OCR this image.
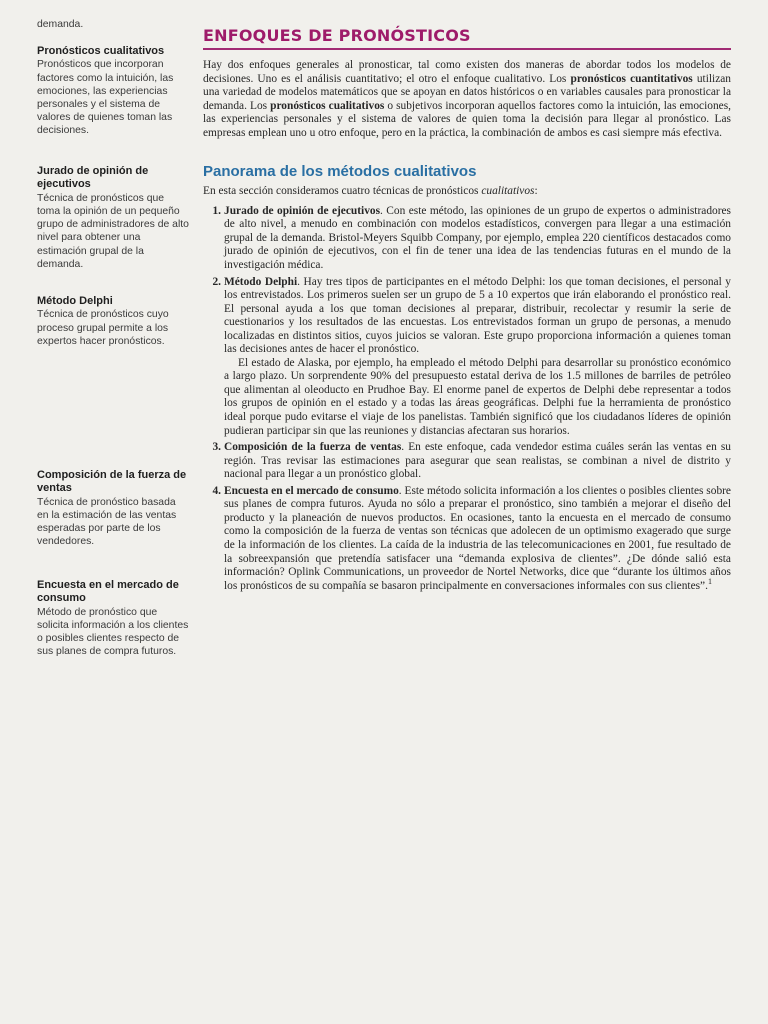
demanda.
Pronósticos cualitativos
Pronósticos que incorporan factores como la intuición, las emociones, las experiencias personales y el sistema de valores de quienes toman las decisiones.
Jurado de opinión de ejecutivos
Técnica de pronósticos que toma la opinión de un pequeño grupo de administradores de alto nivel para obtener una estimación grupal de la demanda.
Método Delphi
Técnica de pronósticos cuyo proceso grupal permite a los expertos hacer pronósticos.
Composición de la fuerza de ventas
Técnica de pronóstico basada en la estimación de las ventas esperadas por parte de los vendedores.
Encuesta en el mercado de consumo
Método de pronóstico que solicita información a los clientes o posibles clientes respecto de sus planes de compra futuros.
ENFOQUES DE PRONÓSTICOS

Hay dos enfoques generales al pronosticar, tal como existen dos maneras de abordar todos los modelos de decisiones. Uno es el análisis cuantitativo; el otro el enfoque cualitativo. Los pronósticos cuantitativos utilizan una variedad de modelos matemáticos que se apoyan en datos históricos o en variables causales para pronosticar la demanda. Los pronósticos cualitativos o subjetivos incorporan aquellos factores como la intuición, las emociones, las experiencias personales y el sistema de valores de quien toma la decisión para llegar al pronóstico. Las empresas emplean uno u otro enfoque, pero en la práctica, la combinación de ambos es casi siempre más efectiva.

Panorama de los métodos cualitativos

En esta sección consideramos cuatro técnicas de pronósticos cualitativos:

1. Jurado de opinión de ejecutivos. Con este método, las opiniones de un grupo de expertos o administradores de alto nivel, a menudo en combinación con modelos estadísticos, convergen para llegar a una estimación grupal de la demanda. Bristol-Meyers Squibb Company, por ejemplo, emplea 220 científicos destacados como jurado de opinión de ejecutivos, con el fin de tener una idea de las tendencias futuras en el mundo de la investigación médica.
2. Método Delphi. Hay tres tipos de participantes en el método Delphi: los que toman decisiones, el personal y los entrevistados. Los primeros suelen ser un grupo de 5 a 10 expertos que irán elaborando el pronóstico real. El personal ayuda a los que toman decisiones al preparar, distribuir, recolectar y resumir la serie de cuestionarios y los resultados de las encuestas. Los entrevistados forman un grupo de personas, a menudo localizadas en distintos sitios, cuyos juicios se valoran. Este grupo proporciona información a quienes toman las decisiones antes de hacer el pronóstico.

El estado de Alaska, por ejemplo, ha empleado el método Delphi para desarrollar su pronóstico económico a largo plazo. Un sorprendente 90% del presupuesto estatal deriva de los 1.5 millones de barriles de petróleo que alimentan al oleoducto en Prudhoe Bay. El enorme panel de expertos de Delphi debe representar a todos los grupos de opinión en el estado y a todas las áreas geográficas. Delphi fue la herramienta de pronóstico ideal porque pudo evitarse el viaje de los panelistas. También significó que los ciudadanos líderes de opinión pudieran participar sin que las reuniones y distancias afectaran sus horarios.

3. Composición de la fuerza de ventas. En este enfoque, cada vendedor estima cuáles serán las ventas en su región. Tras revisar las estimaciones para asegurar que sean realistas, se combinan a nivel de distrito y nacional para llegar a un pronóstico global.
4. Encuesta en el mercado de consumo. Este método solicita información a los clientes o posibles clientes sobre sus planes de compra futuros. Ayuda no sólo a preparar el pronóstico, sino también a mejorar el diseño del producto y la planeación de nuevos productos. En ocasiones, tanto la encuesta en el mercado de consumo como la composición de la fuerza de ventas son técnicas que adolecen de un optimismo exagerado que surge de la información de los clientes. La caída de la industria de las telecomunicaciones en 2001, fue resultado de la sobreexpansión que pretendía satisfacer una “demanda explosiva de clientes”. ¿De dónde salió esta información? Oplink Communications, un proveedor de Nortel Networks, dice que “durante los últimos años los pronósticos de su compañía se basaron principalmente en conversaciones informales con sus clientes”.$^1$
